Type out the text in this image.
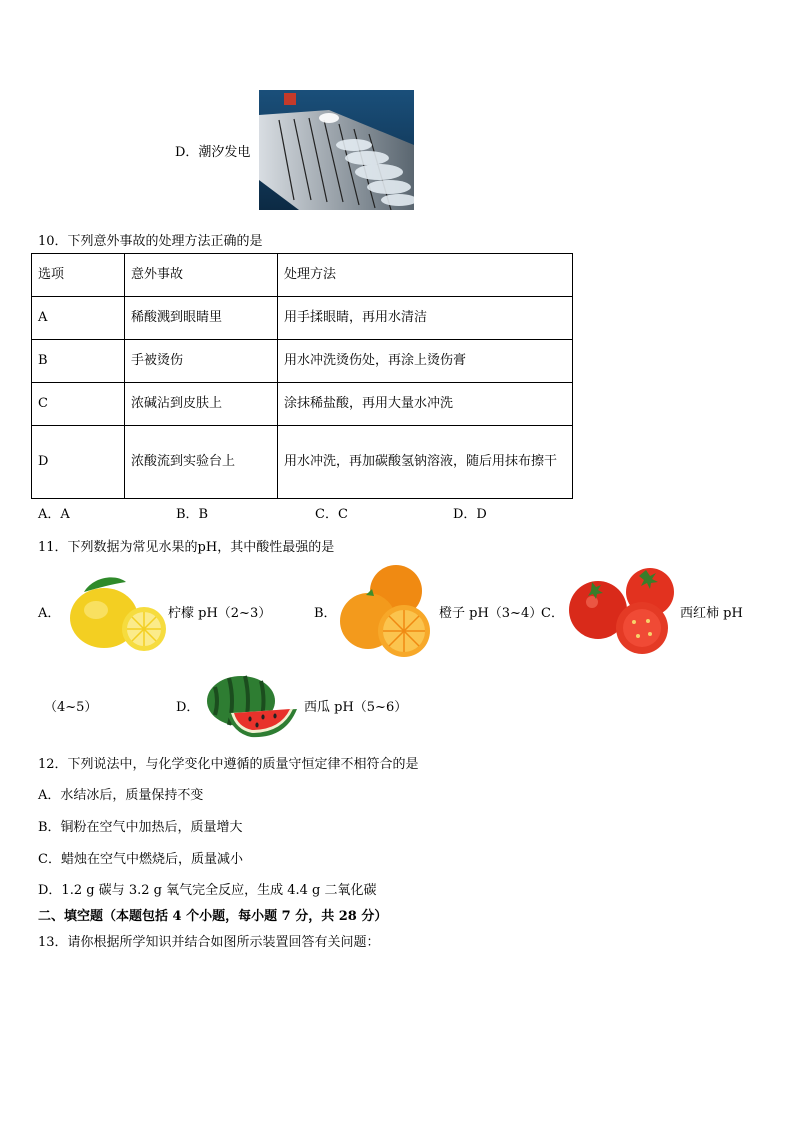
D．潮汐发电
10．下列意外事故的处理方法正确的是
选项	意外事故	处理方法
A	稀酸溅到眼睛里	用手揉眼睛，再用水清洁
B	手被烫伤	用水冲洗烫伤处，再涂上烫伤膏
C	浓碱沾到皮肤上	涂抹稀盐酸，再用大量水冲洗
D	浓酸流到实验台上	用水冲洗，再加碳酸氢钠溶液，随后用抹布擦干
A．A	B．B	C．C	D．D
11．下列数据为常见水果的pH，其中酸性最强的是
A．	柠檬 pH（2~3）	B．	橙子 pH（3~4）
C．	西红柿 pH
（4~5）	D．	西瓜 pH（5~6）
12．下列说法中，与化学变化中遵循的质量守恒定律不相符合的是
A．水结冰后，质量保持不变
B．铜粉在空气中加热后，质量增大
C．蜡烛在空气中燃烧后，质量减小
D．1.2 g 碳与 3.2 g 氧气完全反应，生成 4.4 g 二氧化碳
二、填空题（本题包括 4 个小题，每小题 7 分，共 28 分）
13．请你根据所学知识并结合如图所示装置回答有关问题：
